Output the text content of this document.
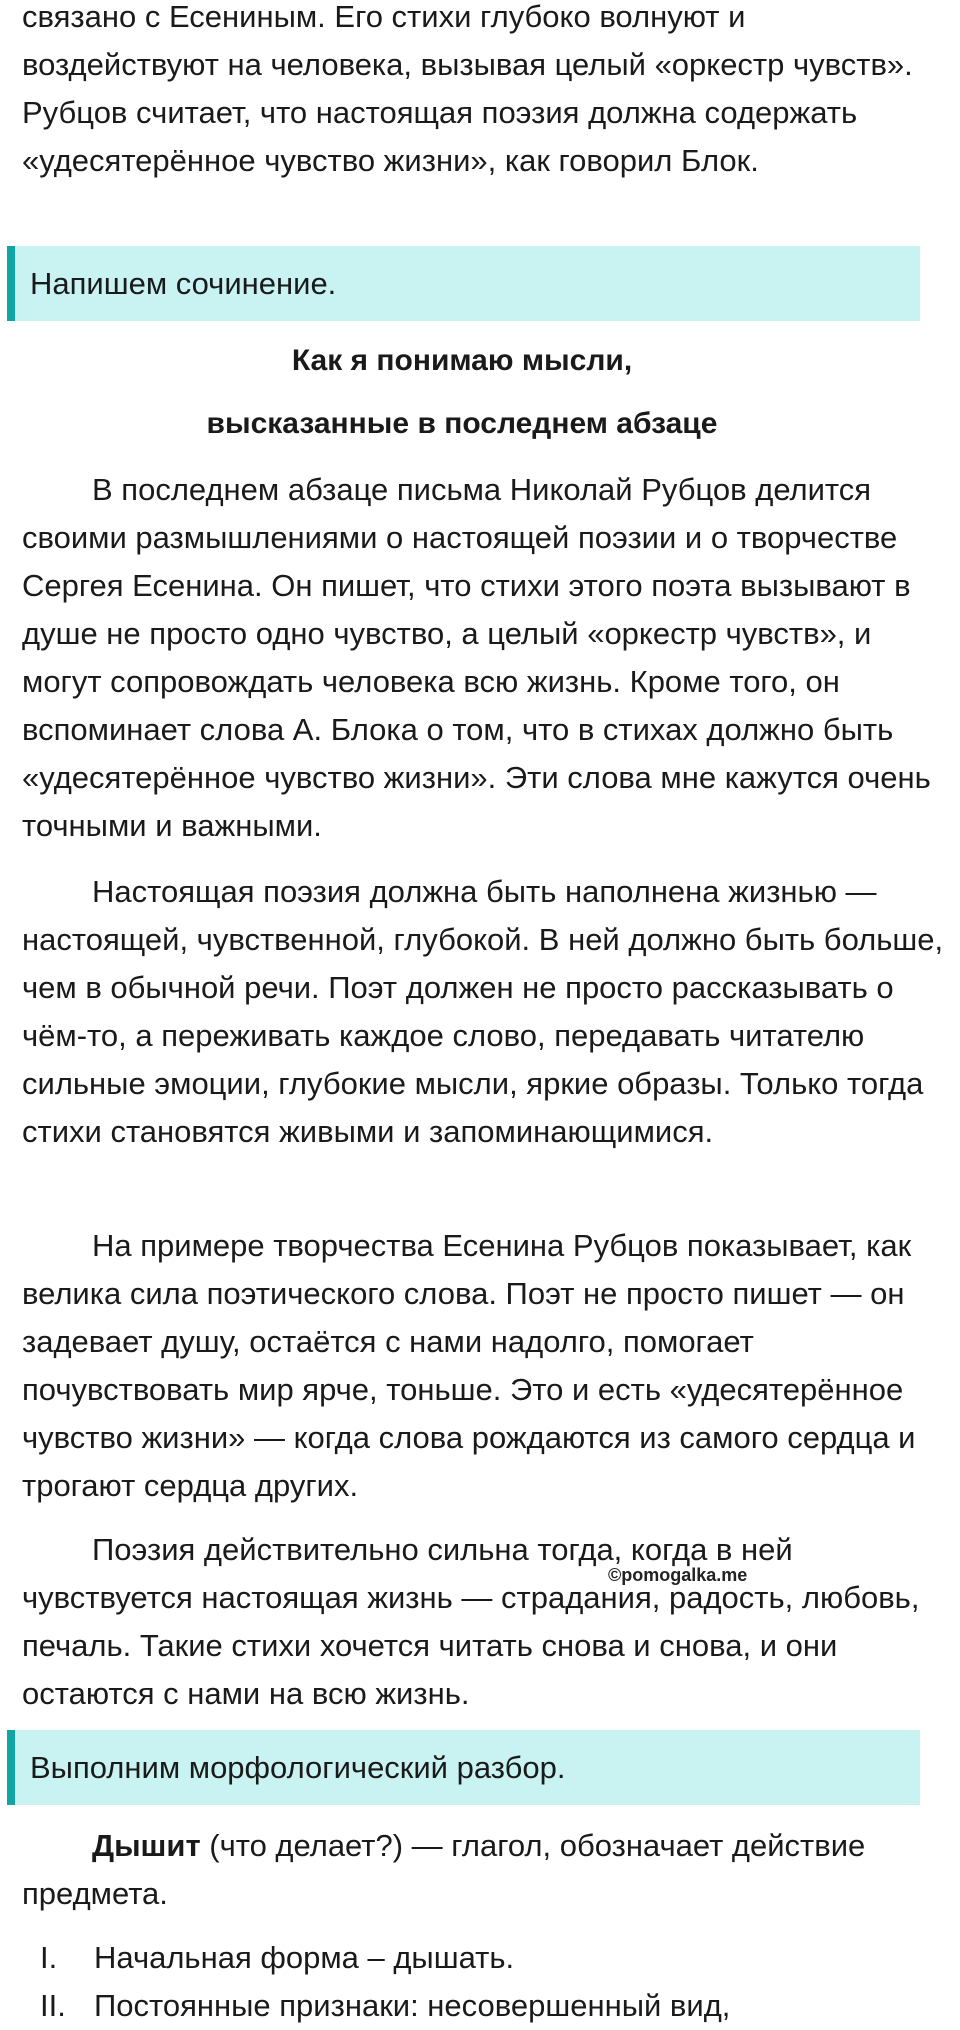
связано с Есениным. Его стихи глубоко волнуют и воздействуют на человека, вызывая целый «оркестр чувств». Рубцов считает, что настоящая поэзия должна содержать «удесятерённое чувство жизни», как говорил Блок.

Напишем сочинение.

Как я понимаю мысли,

высказанные в последнем абзаце

В последнем абзаце письма Николай Рубцов делится своими размышлениями о настоящей поэзии и о творчестве Сергея Есенина. Он пишет, что стихи этого поэта вызывают в душе не просто одно чувство, а целый «оркестр чувств», и могут сопровождать человека всю жизнь. Кроме того, он вспоминает слова А. Блока о том, что в стихах должно быть «удесятерённое чувство жизни». Эти слова мне кажутся очень точными и важными.

Настоящая поэзия должна быть наполнена жизнью — настоящей, чувственной, глубокой. В ней должно быть больше, чем в обычной речи. Поэт должен не просто рассказывать о чём-то, а переживать каждое слово, передавать читателю сильные эмоции, глубокие мысли, яркие образы. Только тогда стихи становятся живыми и запоминающимися.

На примере творчества Есенина Рубцов показывает, как велика сила поэтического слова. Поэт не просто пишет — он задевает душу, остаётся с нами надолго, помогает почувствовать мир ярче, тоньше. Это и есть «удесятерённое чувство жизни» — когда слова рождаются из самого сердца и трогают сердца других.

Поэзия действительно сильна тогда, когда в ней чувствуется настоящая жизнь — страдания, радость, любовь, печаль. Такие стихи хочется читать снова и снова, и они остаются с нами на всю жизнь.

©pomogalka.me
Выполним морфологический разбор.

Дышит (что делает?) — глагол, обозначает действие предмета.

I.	Начальная форма – дышать.
II. Постоянные признаки: несовершенный вид,
